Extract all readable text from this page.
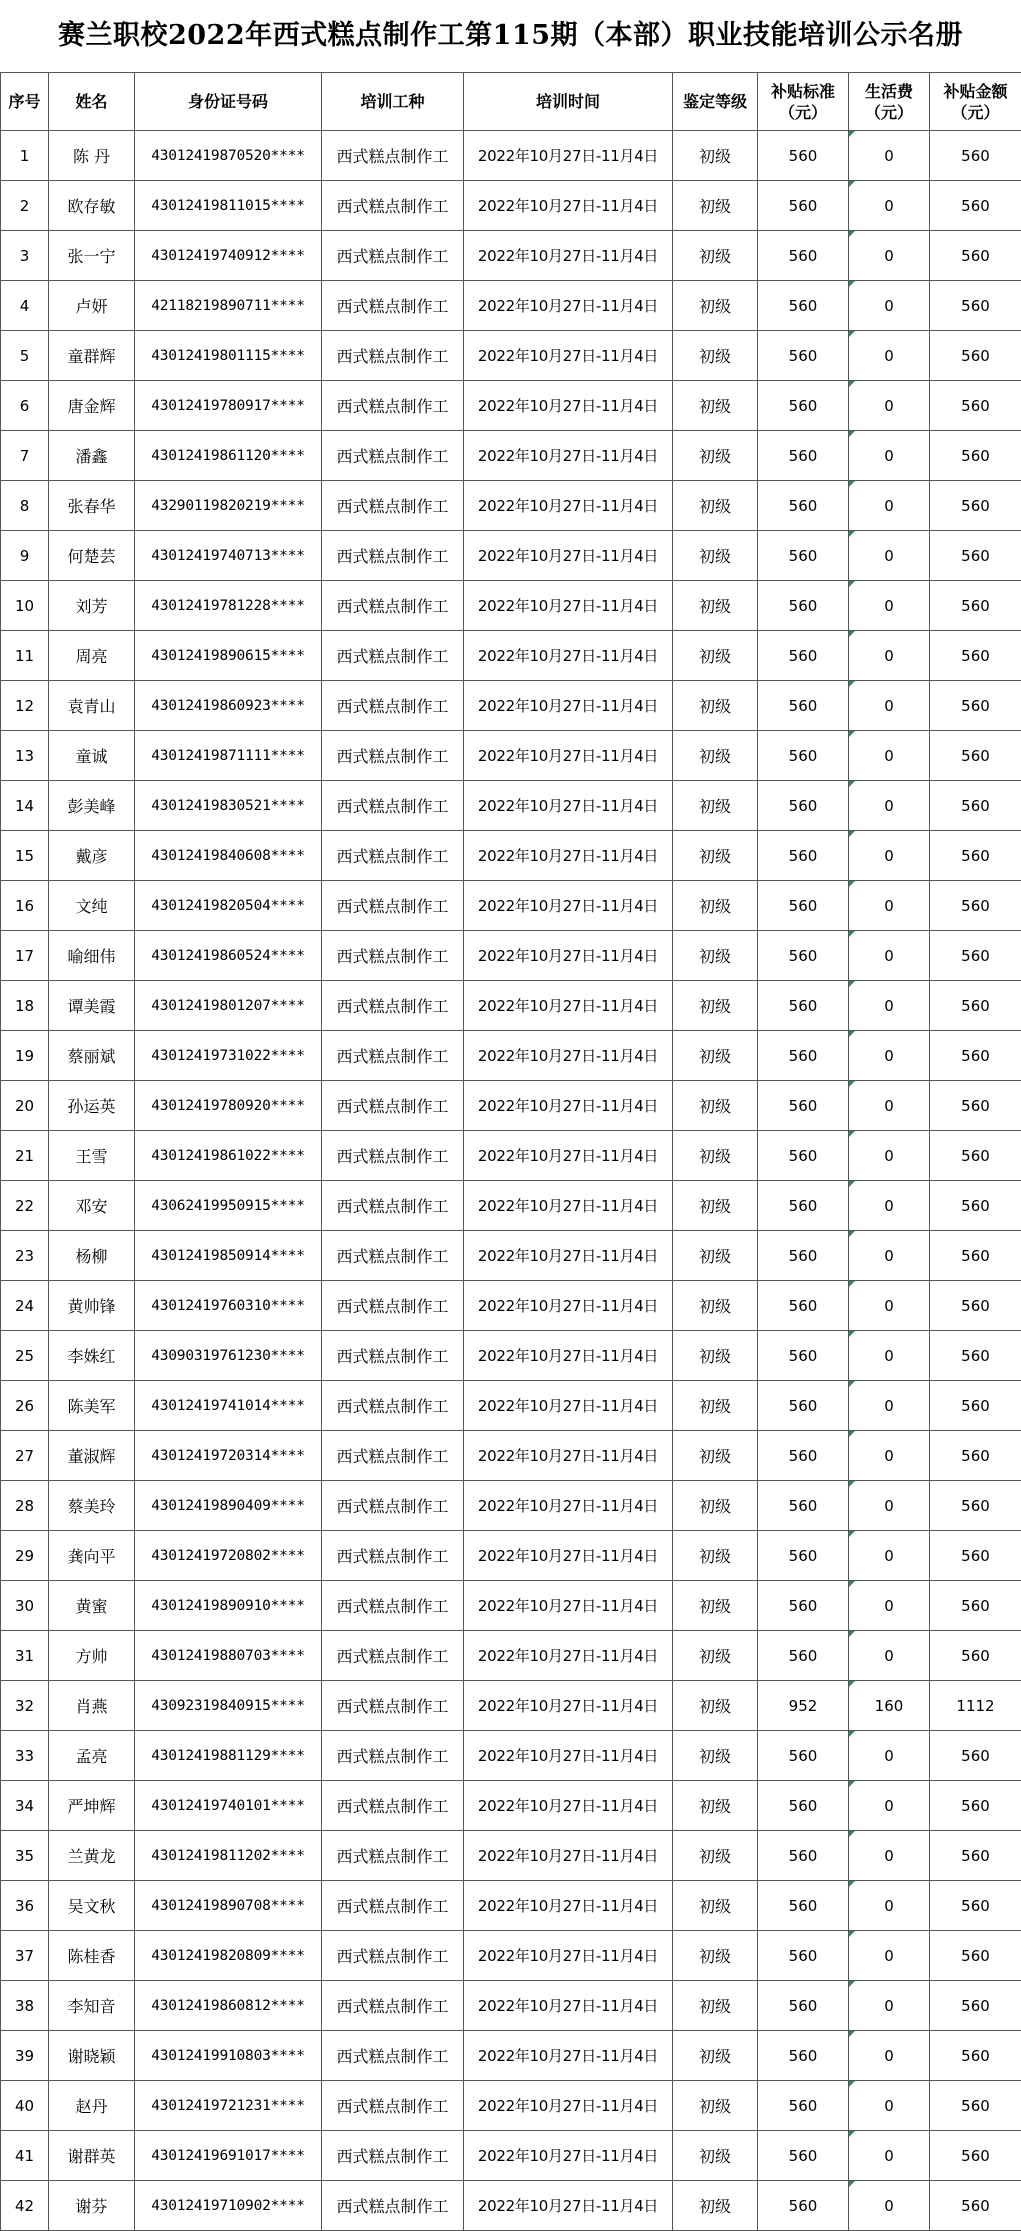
赛兰职校2022年西式糕点制作工第115期（本部）职业技能培训公示名册
序号	姓名	身份证号码	培训工种	培训时间	鉴定等级	补贴标准（元）	生活费（元）	补贴金额（元）
1	陈 丹	43012419870520****	西式糕点制作工	2022年10月27日-11月4日	初级	560	0	560
2	欧存敏	43012419811015****	西式糕点制作工	2022年10月27日-11月4日	初级	560	0	560
3	张一宁	43012419740912****	西式糕点制作工	2022年10月27日-11月4日	初级	560	0	560
4	卢妍	42118219890711****	西式糕点制作工	2022年10月27日-11月4日	初级	560	0	560
5	童群辉	43012419801115****	西式糕点制作工	2022年10月27日-11月4日	初级	560	0	560
6	唐金辉	43012419780917****	西式糕点制作工	2022年10月27日-11月4日	初级	560	0	560
7	潘鑫	43012419861120****	西式糕点制作工	2022年10月27日-11月4日	初级	560	0	560
8	张春华	43290119820219****	西式糕点制作工	2022年10月27日-11月4日	初级	560	0	560
9	何楚芸	43012419740713****	西式糕点制作工	2022年10月27日-11月4日	初级	560	0	560
10	刘芳	43012419781228****	西式糕点制作工	2022年10月27日-11月4日	初级	560	0	560
11	周亮	43012419890615****	西式糕点制作工	2022年10月27日-11月4日	初级	560	0	560
12	袁青山	43012419860923****	西式糕点制作工	2022年10月27日-11月4日	初级	560	0	560
13	童诚	43012419871111****	西式糕点制作工	2022年10月27日-11月4日	初级	560	0	560
14	彭美峰	43012419830521****	西式糕点制作工	2022年10月27日-11月4日	初级	560	0	560
15	戴彦	43012419840608****	西式糕点制作工	2022年10月27日-11月4日	初级	560	0	560
16	文纯	43012419820504****	西式糕点制作工	2022年10月27日-11月4日	初级	560	0	560
17	喻细伟	43012419860524****	西式糕点制作工	2022年10月27日-11月4日	初级	560	0	560
18	谭美霞	43012419801207****	西式糕点制作工	2022年10月27日-11月4日	初级	560	0	560
19	蔡丽斌	43012419731022****	西式糕点制作工	2022年10月27日-11月4日	初级	560	0	560
20	孙运英	43012419780920****	西式糕点制作工	2022年10月27日-11月4日	初级	560	0	560
21	王雪	43012419861022****	西式糕点制作工	2022年10月27日-11月4日	初级	560	0	560
22	邓安	43062419950915****	西式糕点制作工	2022年10月27日-11月4日	初级	560	0	560
23	杨柳	43012419850914****	西式糕点制作工	2022年10月27日-11月4日	初级	560	0	560
24	黄帅锋	43012419760310****	西式糕点制作工	2022年10月27日-11月4日	初级	560	0	560
25	李姝红	43090319761230****	西式糕点制作工	2022年10月27日-11月4日	初级	560	0	560
26	陈美军	43012419741014****	西式糕点制作工	2022年10月27日-11月4日	初级	560	0	560
27	董淑辉	43012419720314****	西式糕点制作工	2022年10月27日-11月4日	初级	560	0	560
28	蔡美玲	43012419890409****	西式糕点制作工	2022年10月27日-11月4日	初级	560	0	560
29	龚向平	43012419720802****	西式糕点制作工	2022年10月27日-11月4日	初级	560	0	560
30	黄蜜	43012419890910****	西式糕点制作工	2022年10月27日-11月4日	初级	560	0	560
31	方帅	43012419880703****	西式糕点制作工	2022年10月27日-11月4日	初级	560	0	560
32	肖燕	43092319840915****	西式糕点制作工	2022年10月27日-11月4日	初级	952	160	1112
33	孟亮	43012419881129****	西式糕点制作工	2022年10月27日-11月4日	初级	560	0	560
34	严坤辉	43012419740101****	西式糕点制作工	2022年10月27日-11月4日	初级	560	0	560
35	兰黄龙	43012419811202****	西式糕点制作工	2022年10月27日-11月4日	初级	560	0	560
36	吴文秋	43012419890708****	西式糕点制作工	2022年10月27日-11月4日	初级	560	0	560
37	陈桂香	43012419820809****	西式糕点制作工	2022年10月27日-11月4日	初级	560	0	560
38	李知音	43012419860812****	西式糕点制作工	2022年10月27日-11月4日	初级	560	0	560
39	谢晓颖	43012419910803****	西式糕点制作工	2022年10月27日-11月4日	初级	560	0	560
40	赵丹	43012419721231****	西式糕点制作工	2022年10月27日-11月4日	初级	560	0	560
41	谢群英	43012419691017****	西式糕点制作工	2022年10月27日-11月4日	初级	560	0	560
42	谢芬	43012419710902****	西式糕点制作工	2022年10月27日-11月4日	初级	560	0	560
